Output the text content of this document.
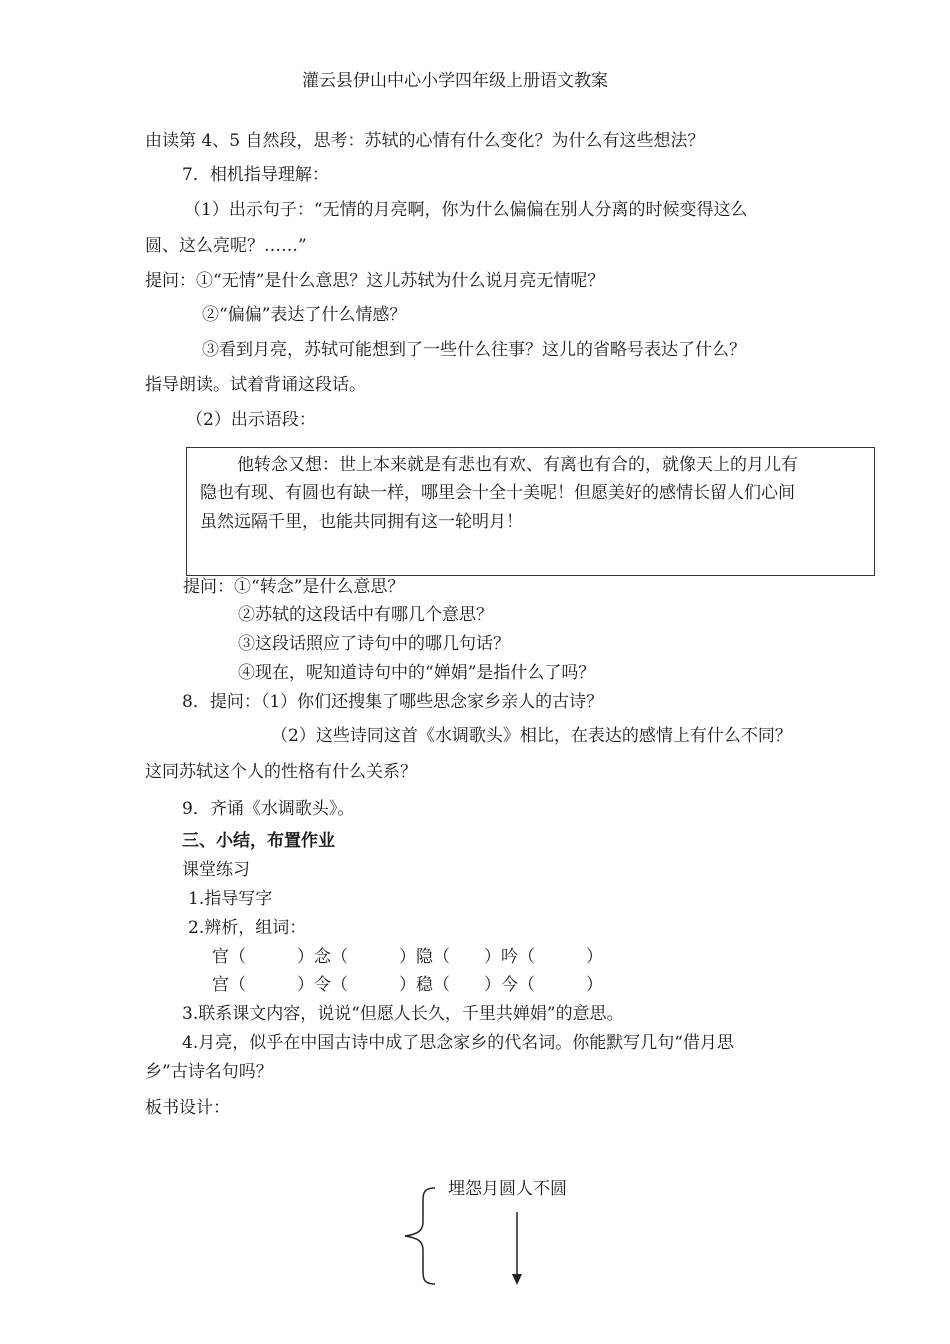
灌云县伊山中心小学四年级上册语文教案
由读第 4、5 自然段，思考：苏轼的心情有什么变化？为什么有这些想法？
7．相机指导理解：
（1）出示句子：“无情的月亮啊，你为什么偏偏在别人分离的时候变得这么
圆、这么亮呢？……”
提问：①“无情”是什么意思？这儿苏轼为什么说月亮无情呢？
②“偏偏”表达了什么情感？
③看到月亮，苏轼可能想到了一些什么往事？这儿的省略号表达了什么？
指导朗读。试着背诵这段话。
（2）出示语段：
他转念又想：世上本来就是有悲也有欢、有离也有合的，就像天上的月儿有
隐也有现、有圆也有缺一样，哪里会十全十美呢！但愿美好的感情长留人们心间
虽然远隔千里，也能共同拥有这一轮明月！
提问：①“转念”是什么意思？
②苏轼的这段话中有哪几个意思？
③这段话照应了诗句中的哪几句话？
④现在，呢知道诗句中的“婵娟”是指什么了吗？
8．提问：（1）你们还搜集了哪些思念家乡亲人的古诗？
（2）这些诗同这首《水调歌头》相比，在表达的感情上有什么不同？
这同苏轼这个人的性格有什么关系？
9．齐诵《水调歌头》。
三、小结，布置作业
课堂练习
1.指导写字
2.辨析，组词：
官（　　　）念（　　　）隐（　　）吟（　　　）
宫（　　　）令（　　　）稳（　　）今（　　　）
3.联系课文内容，说说“但愿人长久，千里共婵娟”的意思。
4.月亮，似乎在中国古诗中成了思念家乡的代名词。你能默写几句“借月思
乡”古诗名句吗？
板书设计：
埋怨月圆人不圆
